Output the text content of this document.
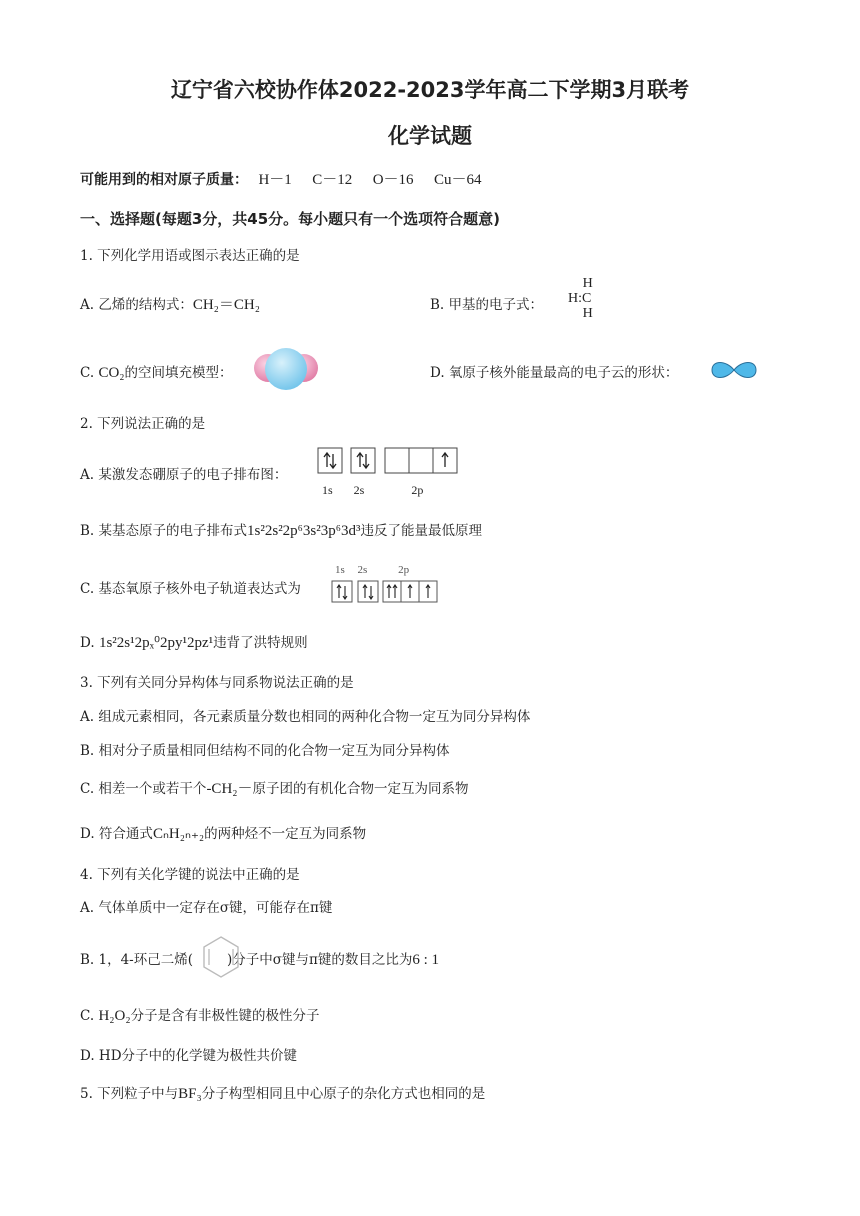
辽宁省六校协作体2022-2023学年高二下学期3月联考
化学试题
可能用到的相对原子质量： H－1 C－12 O－16 Cu－64
一、选择题(每题3分，共45分。每小题只有一个选项符合题意)
1. 下列化学用语或图示表达正确的是
A. 乙烯的结构式：CH₂＝CH₂	B. 甲基的电子式：
H
H:C
H
C. CO₂的空间填充模型：	D. 氧原子核外能量最高的电子云的形状：
2. 下列说法正确的是
A. 某激发态硼原子的电子排布图：
1s 2s	2p
B. 某基态原子的电子排布式1s²2s²2p⁶3s²3p⁶3d³违反了能量最低原理
C. 基态氧原子核外电子轨道表达式为
1s 2s	2p
D. 1s²2s¹2pₓ⁰2py¹2pz¹违背了洪特规则
3. 下列有关同分异构体与同系物说法正确的是
A. 组成元素相同，各元素质量分数也相同的两种化合物一定互为同分异构体
B. 相对分子质量相同但结构不同的化合物一定互为同分异构体
C. 相差一个或若干个-CH₂－原子团的有机化合物一定互为同系物
D. 符合通式CₙH₂ₙ₊₂的两种烃不一定互为同系物
4. 下列有关化学键的说法中正确的是
A. 气体单质中一定存在σ键，可能存在π键
B. 1，4-环己二烯(	)分子中σ键与π键的数目之比为6 : 1
C. H₂O₂分子是含有非极性键的极性分子
D. HD分子中的化学键为极性共价键
5. 下列粒子中与BF₃分子构型相同且中心原子的杂化方式也相同的是
